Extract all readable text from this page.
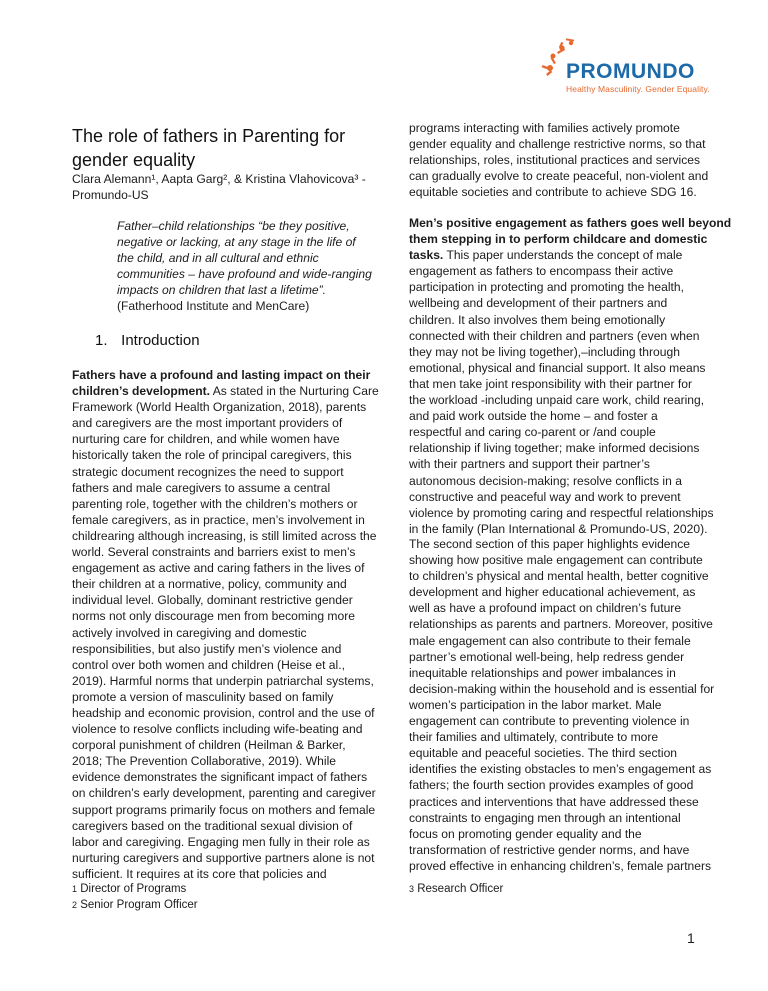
PROMUNDO
Healthy Masculinity. Gender Equality.
The role of fathers in Parenting for
gender equality
Clara Alemann¹, Aapta Garg², & Kristina Vlahovicova³ -
Promundo-US
Father–child relationships “be they positive,
negative or lacking, at any stage in the life of
the child, and in all cultural and ethnic
communities – have profound and wide-ranging
impacts on children that last a lifetime”.
(Fatherhood Institute and MenCare)
1. Introduction
Fathers have a profound and lasting impact on their
children’s development. As stated in the Nurturing Care
Framework (World Health Organization, 2018), parents
and caregivers are the most important providers of
nurturing care for children, and while women have
historically taken the role of principal caregivers, this
strategic document recognizes the need to support
fathers and male caregivers to assume a central
parenting role, together with the children’s mothers or
female caregivers, as in practice, men’s involvement in
childrearing although increasing, is still limited across the
world. Several constraints and barriers exist to men’s
engagement as active and caring fathers in the lives of
their children at a normative, policy, community and
individual level. Globally, dominant restrictive gender
norms not only discourage men from becoming more
actively involved in caregiving and domestic
responsibilities, but also justify men’s violence and
control over both women and children (Heise et al.,
2019). Harmful norms that underpin patriarchal systems,
promote a version of masculinity based on family
headship and economic provision, control and the use of
violence to resolve conflicts including wife-beating and
corporal punishment of children (Heilman & Barker,
2018; The Prevention Collaborative, 2019). While
evidence demonstrates the significant impact of fathers
on children’s early development, parenting and caregiver
support programs primarily focus on mothers and female
caregivers based on the traditional sexual division of
labor and caregiving. Engaging men fully in their role as
nurturing caregivers and supportive partners alone is not
sufficient. It requires at its core that policies and
programs interacting with families actively promote
gender equality and challenge restrictive norms, so that
relationships, roles, institutional practices and services
can gradually evolve to create peaceful, non-violent and
equitable societies and contribute to achieve SDG 16.
Men’s positive engagement as fathers goes well beyond
them stepping in to perform childcare and domestic
tasks. This paper understands the concept of male
engagement as fathers to encompass their active
participation in protecting and promoting the health,
wellbeing and development of their partners and
children. It also involves them being emotionally
connected with their children and partners (even when
they may not be living together),–including through
emotional, physical and financial support. It also means
that men take joint responsibility with their partner for
the workload -including unpaid care work, child rearing,
and paid work outside the home – and foster a
respectful and caring co-parent or /and couple
relationship if living together; make informed decisions
with their partners and support their partner’s
autonomous decision-making; resolve conflicts in a
constructive and peaceful way and work to prevent
violence by promoting caring and respectful relationships
in the family (Plan International & Promundo-US, 2020).
The second section of this paper highlights evidence
showing how positive male engagement can contribute
to children’s physical and mental health, better cognitive
development and higher educational achievement, as
well as have a profound impact on children’s future
relationships as parents and partners. Moreover, positive
male engagement can also contribute to their female
partner’s emotional well-being, help redress gender
inequitable relationships and power imbalances in
decision-making within the household and is essential for
women’s participation in the labor market. Male
engagement can contribute to preventing violence in
their families and ultimately, contribute to more
equitable and peaceful societies. The third section
identifies the existing obstacles to men’s engagement as
fathers; the fourth section provides examples of good
practices and interventions that have addressed these
constraints to engaging men through an intentional
focus on promoting gender equality and the
transformation of restrictive gender norms, and have
proved effective in enhancing children’s, female partners
1 Director of Programs
2 Senior Program Officer
3 Research Officer
1
